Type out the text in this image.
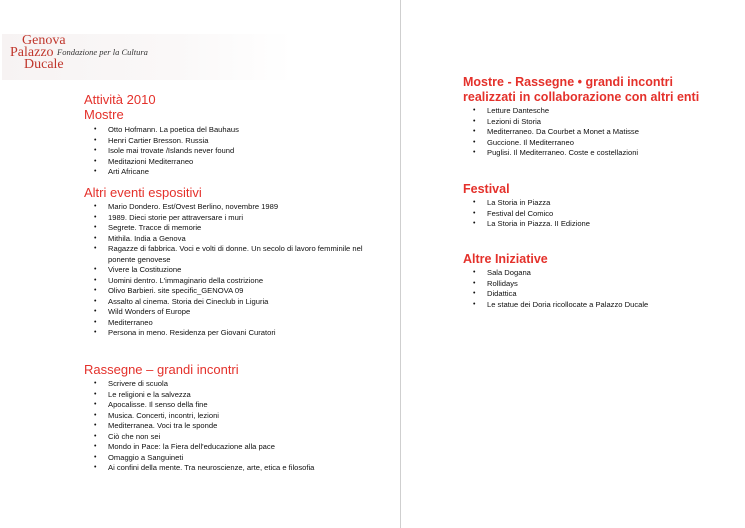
Genova
Palazzo
Ducale
Fondazione per la Cultura
Attività 2010
Mostre
• Otto Hofmann. La poetica del Bauhaus
• Henri Cartier Bresson. Russia
• Isole mai trovate /Islands never found
• Meditazioni Mediterraneo
• Arti Africane
Altri eventi espositivi
• Mario Dondero. Est/Ovest Berlino, novembre 1989
• 1989. Dieci storie per attraversare i muri
• Segrete. Tracce di memorie
• Mithila. India a Genova
• Ragazze di fabbrica. Voci e volti di donne. Un secolo di lavoro femminile nel
ponente genovese
• Vivere la Costituzione
• Uomini dentro. L'immaginario della costrizione
• Olivo Barbieri. site specific_GENOVA 09
• Assalto al cinema. Storia dei Cineclub in Liguria
• Wild Wonders of Europe
• Mediterraneo
• Persona in meno. Residenza per Giovani Curatori
Rassegne – grandi incontri
• Scrivere di scuola
• Le religioni e la salvezza
• Apocalisse. Il senso della fine
• Musica. Concerti, incontri, lezioni
• Mediterranea. Voci tra le sponde
• Ciò che non sei
• Mondo in Pace: la Fiera dell'educazione alla pace
• Omaggio a Sanguineti
• Ai confini della mente. Tra neuroscienze, arte, etica e filosofia
Mostre - Rassegne • grandi incontri
realizzati in collaborazione con altri enti
• Letture Dantesche
• Lezioni di Storia
• Mediterraneo. Da Courbet a Monet a Matisse
• Guccione. Il Mediterraneo
• Puglisi. Il Mediterraneo. Coste e costellazioni
Festival
• La Storia in Piazza
• Festival del Comico
• La Storia in Piazza. II Edizione
Altre Iniziative
• Sala Dogana
• Rollidays
• Didattica
• Le statue dei Doria ricollocate a Palazzo Ducale
